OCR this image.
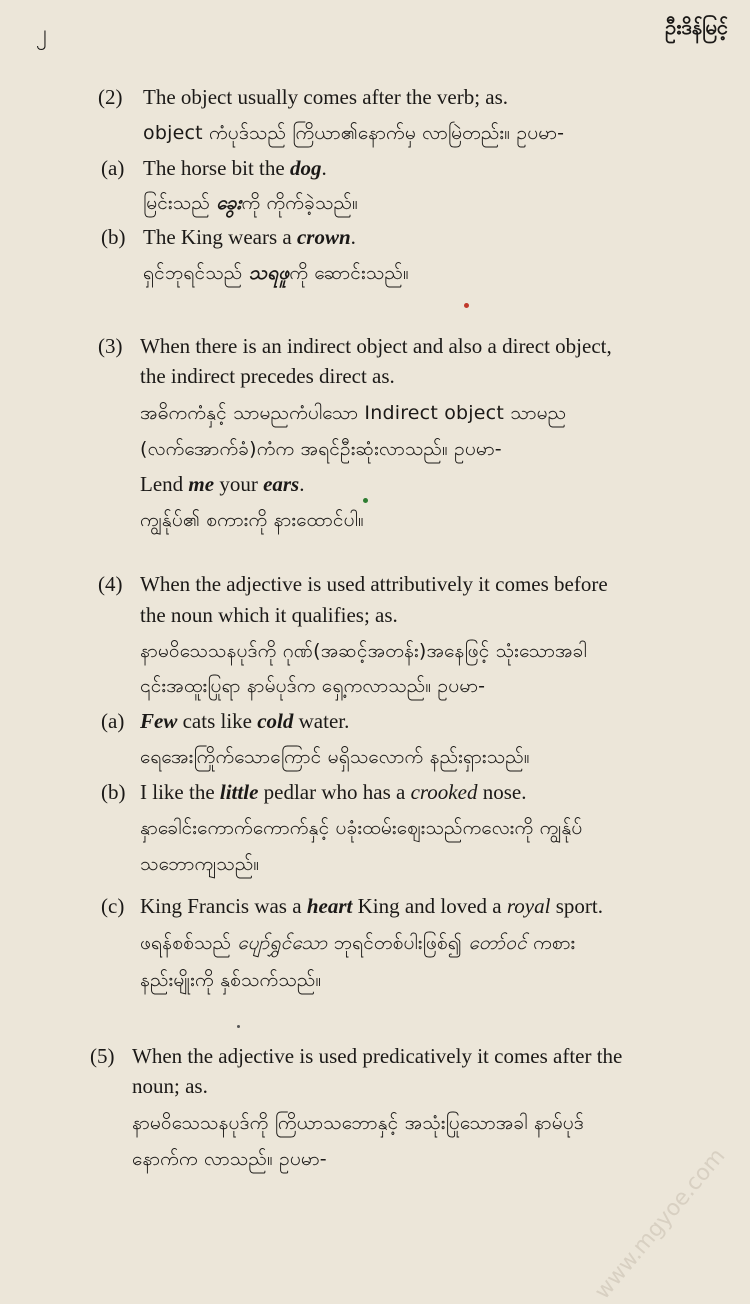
၂	ဦးဒိန်မြင့်
(2) The object usually comes after the verb; as.
object ကံပုဒ်သည် ကြိယာ၏နောက်မှ လာမြဲတည်း။ ဥပမာ-
(a) The horse bit the dog.
မြင်းသည် ခွေးကို ကိုက်ခဲ့သည်။
(b) The King wears a crown.
ရှင်ဘုရင်သည် သရဖူကို ဆောင်းသည်။
(3) When there is an indirect object and also a direct object,
the indirect precedes direct as.
အဓိကကံနှင့် သာမညကံပါသော Indirect object သာမည
(လက်အောက်ခံ)ကံက အရင်ဦးဆုံးလာသည်။ ဥပမာ-
Lend me your ears.
ကျွန်ုပ်၏ စကားကို နားထောင်ပါ။
(4) When the adjective is used attributively it comes before
the noun which it qualifies; as.
နာမဝိသေသနပုဒ်ကို ဂုဏ်(အဆင့်အတန်း)အနေဖြင့် သုံးသောအခါ
၎င်းအထူးပြုရာ နာမ်ပုဒ်က ရှေ့ကလာသည်။ ဥပမာ-
(a) Few cats like cold water.
ရေအေးကြိုက်သောကြောင် မရှိသလောက် နည်းရှားသည်။
(b) I like the little pedlar who has a crooked nose.
နှာခေါင်းကောက်ကောက်နှင့် ပခုံးထမ်းဈေးသည်ကလေးကို ကျွန်ုပ်
သဘောကျသည်။
(c) King Francis was a heart King and loved a royal sport.
ဖရန်စစ်သည် ပျော်ရွှင်သော ဘုရင်တစ်ပါးဖြစ်၍ တော်ဝင် ကစား
နည်းမျိုးကို နှစ်သက်သည်။
(5) When the adjective is used predicatively it comes after the
noun; as.
နာမဝိသေသနပုဒ်ကို ကြိယာသဘောနှင့် အသုံးပြုသောအခါ နာမ်ပုဒ်
နောက်က လာသည်။ ဥပမာ-	www.mgyoe.com
